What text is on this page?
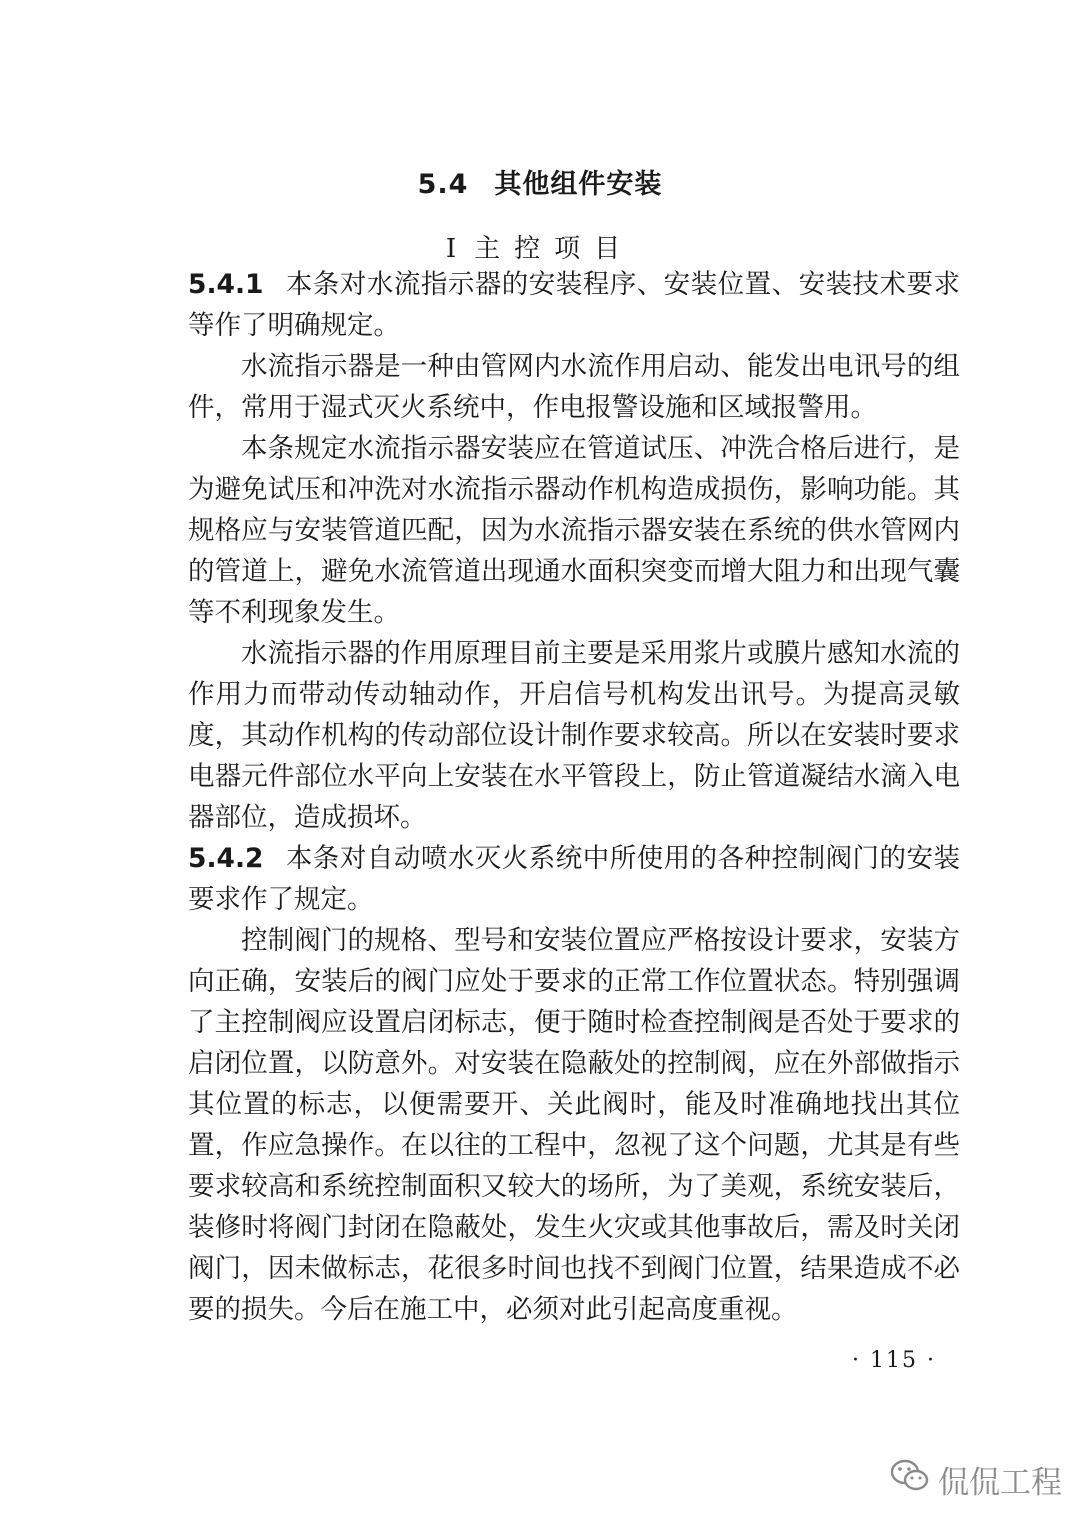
5.4 其他组件安装
I 主控项目

5.4.1 本条对水流指示器的安装程序、安装位置、安装技术要求等作了明确规定。

水流指示器是一种由管网内水流作用启动、能发出电讯号的组件，常用于湿式灭火系统中，作电报警设施和区域报警用。

本条规定水流指示器安装应在管道试压、冲洗合格后进行，是为避免试压和冲洗对水流指示器动作机构造成损伤，影响功能。其规格应与安装管道匹配，因为水流指示器安装在系统的供水管网内的管道上，避免水流管道出现通水面积突变而增大阻力和出现气囊等不利现象发生。

水流指示器的作用原理目前主要是采用浆片或膜片感知水流的作用力而带动传动轴动作，开启信号机构发出讯号。为提高灵敏度，其动作机构的传动部位设计制作要求较高。所以在安装时要求电器元件部位水平向上安装在水平管段上，防止管道凝结水滴入电器部位，造成损坏。

5.4.2 本条对自动喷水灭火系统中所使用的各种控制阀门的安装要求作了规定。

控制阀门的规格、型号和安装位置应严格按设计要求，安装方向正确，安装后的阀门应处于要求的正常工作位置状态。特别强调了主控制阀应设置启闭标志，便于随时检查控制阀是否处于要求的启闭位置，以防意外。对安装在隐蔽处的控制阀，应在外部做指示其位置的标志，以便需要开、关此阀时，能及时准确地找出其位置，作应急操作。在以往的工程中，忽视了这个问题，尤其是有些要求较高和系统控制面积又较大的场所，为了美观，系统安装后，装修时将阀门封闭在隐蔽处，发生火灾或其他事故后，需及时关闭阀门，因未做标志，花很多时间也找不到阀门位置，结果造成不必要的损失。今后在施工中，必须对此引起高度重视。

· 115 ·
侃侃工程
